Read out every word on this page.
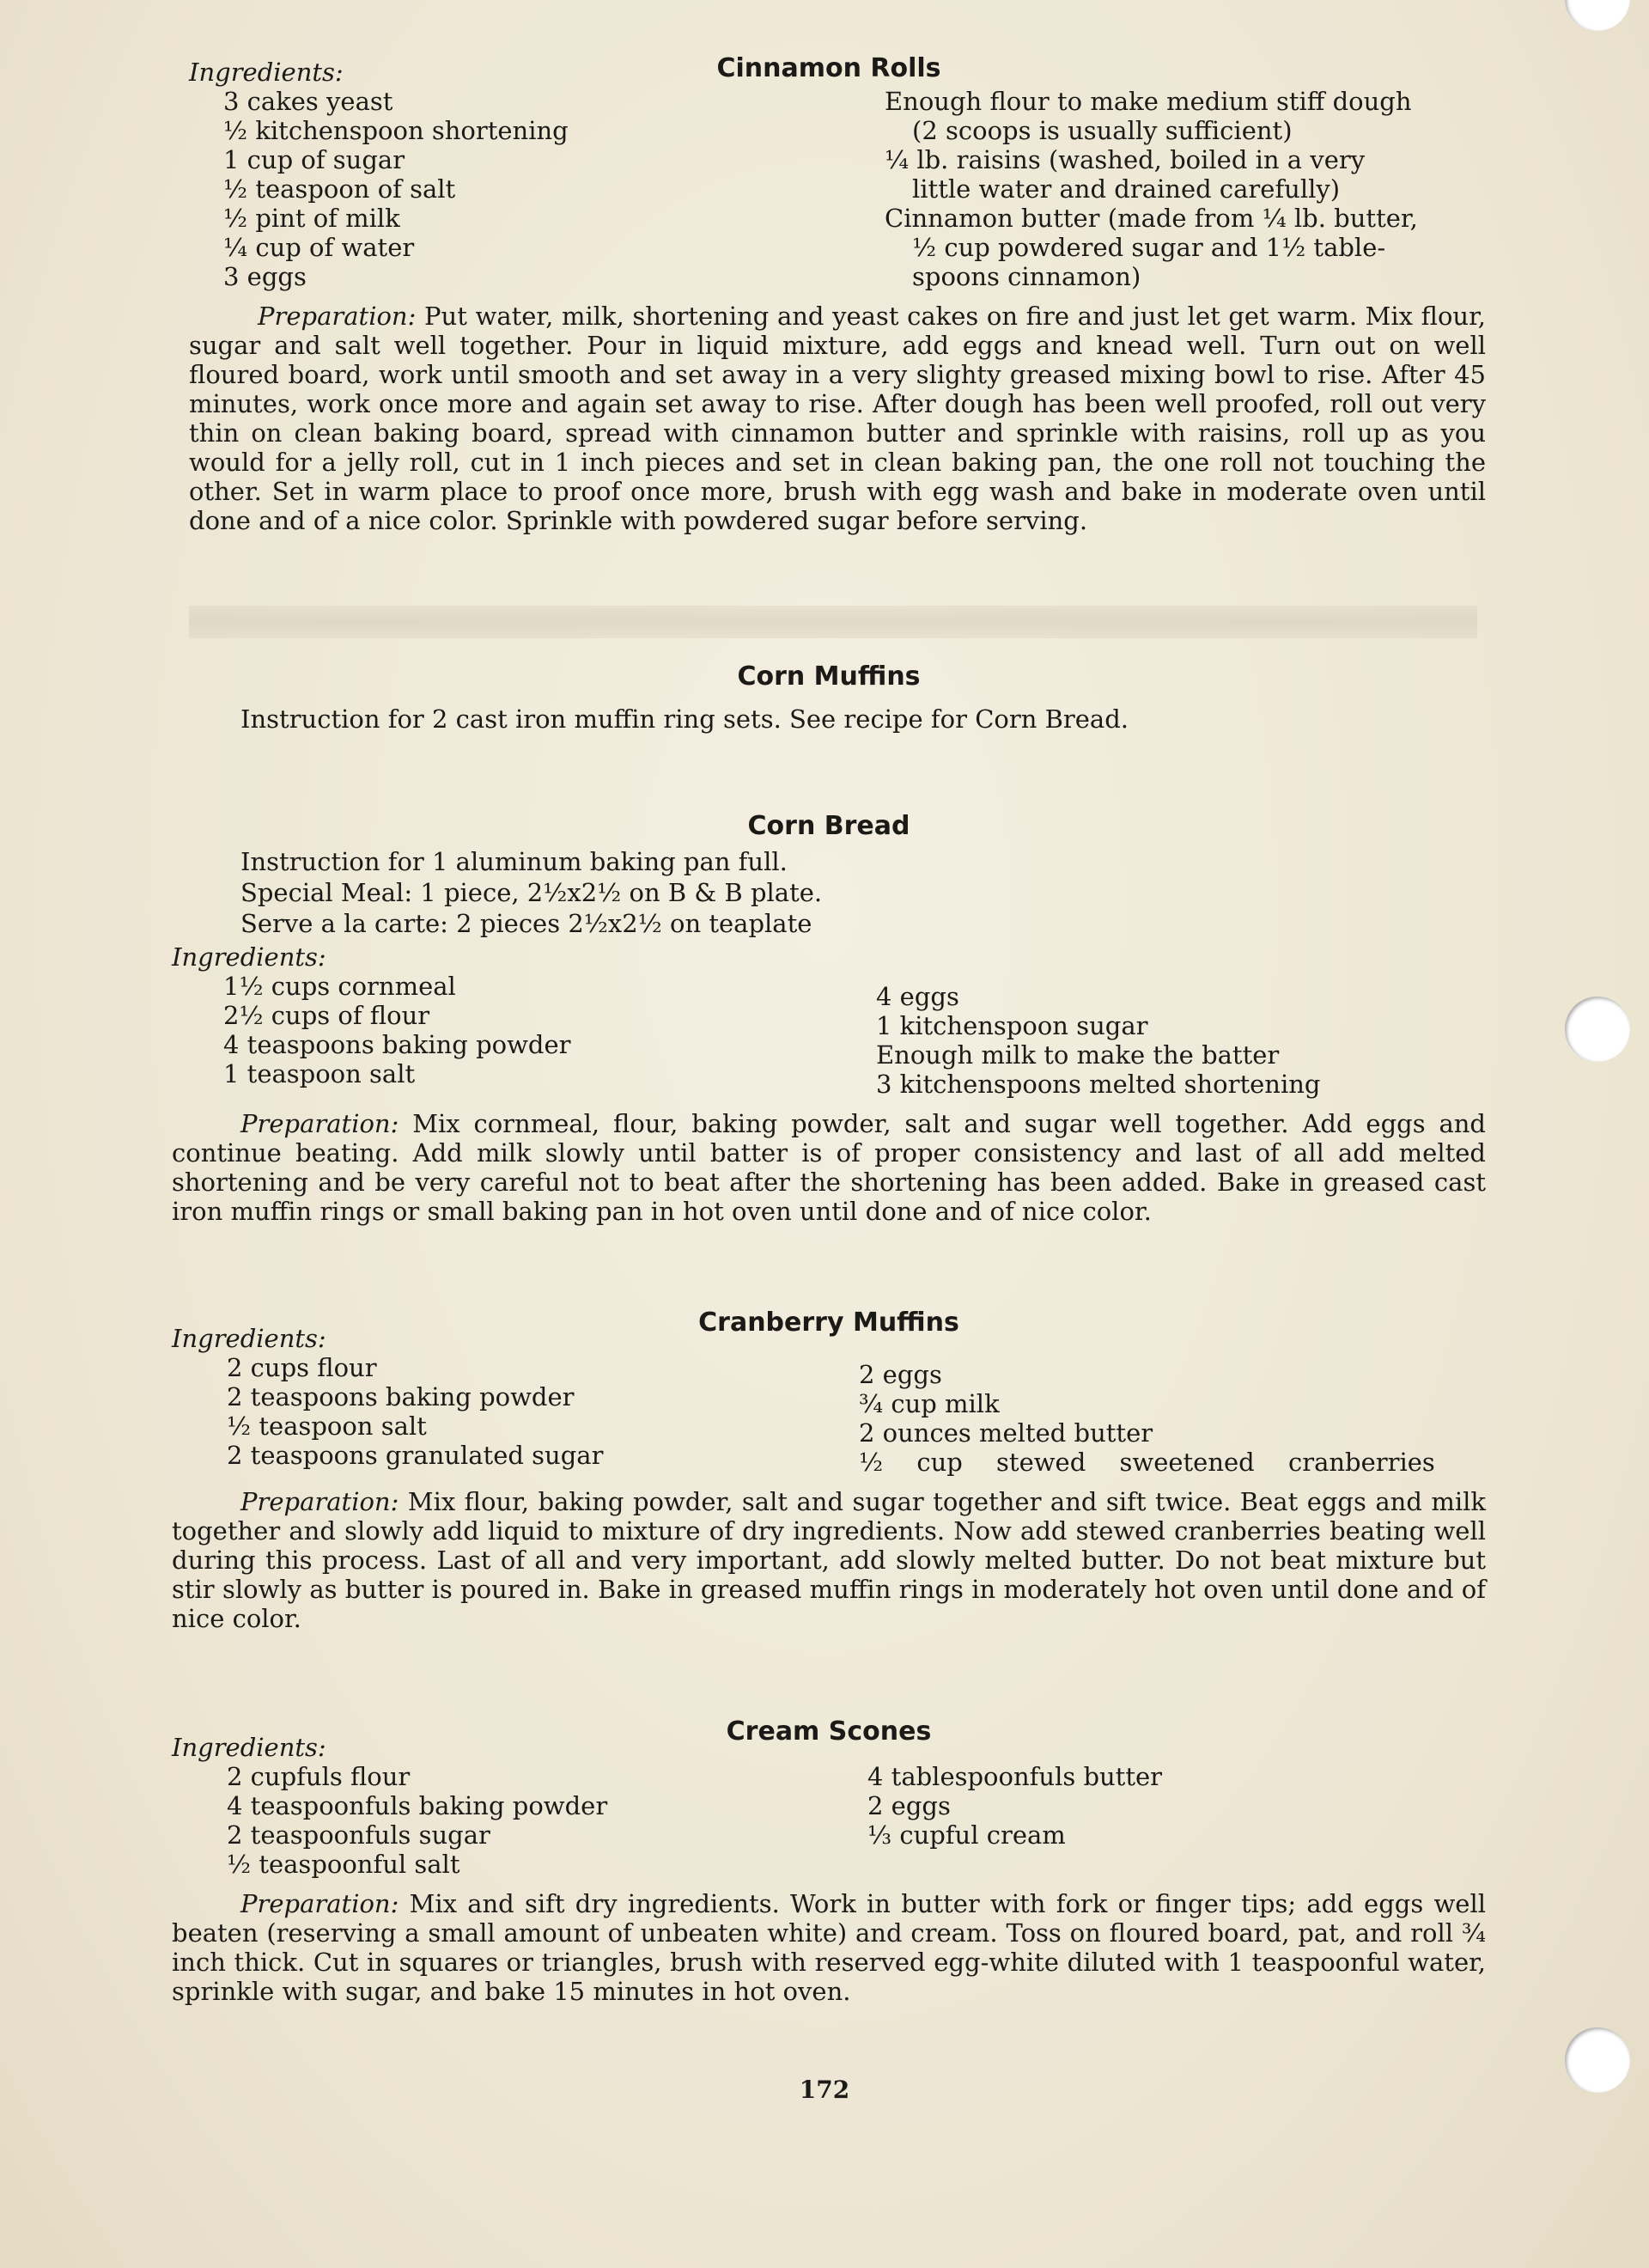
Cinnamon Rolls
Ingredients:
3 cakes yeast
½ kitchenspoon shortening
1 cup of sugar
½ teaspoon of salt
½ pint of milk
¼ cup of water
3 eggs
Enough flour to make medium stiff dough
(2 scoops is usually sufficient)
¼ lb. raisins (washed, boiled in a very
little water and drained carefully)
Cinnamon butter (made from ¼ lb. butter,
½ cup powdered sugar and 1½ table-
spoons cinnamon)
Preparation: Put water, milk, shortening and yeast cakes on fire and just let get warm. Mix flour, sugar and salt well together. Pour in liquid mixture, add eggs and knead well. Turn out on well floured board, work until smooth and set away in a very slighty greased mixing bowl to rise. After 45 minutes, work once more and again set away to rise. After dough has been well proofed, roll out very thin on clean baking board, spread with cinnamon butter and sprinkle with raisins, roll up as you would for a jelly roll, cut in 1 inch pieces and set in clean baking pan, the one roll not touching the other. Set in warm place to proof once more, brush with egg wash and bake in moderate oven until done and of a nice color. Sprinkle with powdered sugar before serving.
Corn Muffins
Instruction for 2 cast iron muffin ring sets. See recipe for Corn Bread.
Corn Bread
Instruction for 1 aluminum baking pan full.
Special Meal: 1 piece, 2½x2½ on B & B plate.
Serve a la carte: 2 pieces 2½x2½ on teaplate
Ingredients:
1½ cups cornmeal
2½ cups of flour
4 teaspoons baking powder
1 teaspoon salt
4 eggs
1 kitchenspoon sugar
Enough milk to make the batter
3 kitchenspoons melted shortening
Preparation: Mix cornmeal, flour, baking powder, salt and sugar well together. Add eggs and continue beating. Add milk slowly until batter is of proper consistency and last of all add melted shortening and be very careful not to beat after the shortening has been added. Bake in greased cast iron muffin rings or small baking pan in hot oven until done and of nice color.
Cranberry Muffins
Ingredients:
2 cups flour
2 teaspoons baking powder
½ teaspoon salt
2 teaspoons granulated sugar
2 eggs
¾ cup milk
2 ounces melted butter
½ cup stewed sweetened cranberries
Preparation: Mix flour, baking powder, salt and sugar together and sift twice. Beat eggs and milk together and slowly add liquid to mixture of dry ingredients. Now add stewed cranberries beating well during this process. Last of all and very important, add slowly melted butter. Do not beat mixture but stir slowly as butter is poured in. Bake in greased muffin rings in moderately hot oven until done and of nice color.
Cream Scones
Ingredients:
2 cupfuls flour
4 teaspoonfuls baking powder
2 teaspoonfuls sugar
½ teaspoonful salt
4 tablespoonfuls butter
2 eggs
⅓ cupful cream
Preparation: Mix and sift dry ingredients. Work in butter with fork or finger tips; add eggs well beaten (reserving a small amount of unbeaten white) and cream. Toss on floured board, pat, and roll ¾ inch thick. Cut in squares or triangles, brush with reserved egg-white diluted with 1 teaspoonful water, sprinkle with sugar, and bake 15 minutes in hot oven.
172
